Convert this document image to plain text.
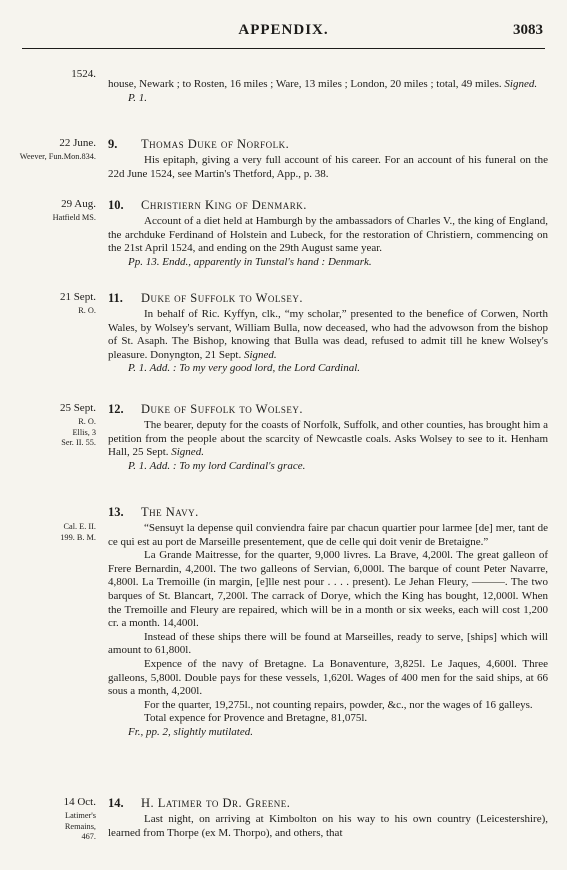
APPENDIX.	3083
1524.

house, Newark ; to Rosten, 16 miles ; Ware, 13 miles ; London, 20 miles ; total, 49 miles. Signed.

P. 1.

22 June.
Weever, Fun.Mon.834.
9. Thomas Duke of Norfolk.

His epitaph, giving a very full account of his career. For an account of his funeral on the 22d June 1524, see Martin's Thetford, App., p. 38.

29 Aug.
Hatfield MS.
10. Christiern King of Denmark.

Account of a diet held at Hamburgh by the ambassadors of Charles V., the king of England, the archduke Ferdinand of Holstein and Lubeck, for the restoration of Christiern, commencing on the 21st April 1524, and ending on the 29th August same year.

Pp. 13. Endd., apparently in Tunstal's hand : Denmark.

21 Sept.
R. O.
11. Duke of Suffolk to Wolsey.

In behalf of Ric. Kyffyn, clk., “my scholar,” presented to the benefice of Corwen, North Wales, by Wolsey's servant, William Bulla, now deceased, who had the advowson from the bishop of St. Asaph. The Bishop, knowing that Bulla was dead, refused to admit till he knew Wolsey's pleasure. Donyngton, 21 Sept. Signed.

P. 1. Add. : To my very good lord, the Lord Cardinal.

25 Sept.
R. O. Ellis, 3 Ser. II. 55.
12. Duke of Suffolk to Wolsey.

The bearer, deputy for the coasts of Norfolk, Suffolk, and other counties, has brought him a petition from the people about the scarcity of Newcastle coals. Asks Wolsey to see to it. Henham Hall, 25 Sept. Signed.

P. 1. Add. : To my lord Cardinal's grace.

Cal. E. II. 199. B. M.
13. The Navy.

“Sensuyt la depense quil conviendra faire par chacun quartier pour larmee [de] mer, tant de ce qui est au port de Marseille presentement, que de celle qui doit venir de Bretaigne.”

La Grande Maitresse, for the quarter, 9,000 livres. La Brave, 4,200l. The great galleon of Frere Bernardin, 4,200l. The two galleons of Servian, 6,000l. The barque of count Peter Navarre, 4,800l. La Tremoille (in margin, [e]lle nest pour . . . . present). Le Jehan Fleury, ———. The two barques of St. Blancart, 7,200l. The carrack of Dorye, which the King has bought, 12,000l. When the Tremoille and Fleury are repaired, which will be in a month or six weeks, each will cost 1,200 cr. a month. 14,400l.

Instead of these ships there will be found at Marseilles, ready to serve, [ships] which will amount to 61,800l.

Expence of the navy of Bretagne. La Bonaventure, 3,825l. Le Jaques, 4,600l. Three galleons, 5,800l. Double pays for these vessels, 1,620l. Wages of 400 men for the said ships, at 66 sous a month, 4,200l.

For the quarter, 19,275l., not counting repairs, powder, &c., nor the wages of 16 galleys.

Total expence for Provence and Bretagne, 81,075l.

Fr., pp. 2, slightly mutilated.

14 Oct.
Latimer's Remains, 467.
14. H. Latimer to Dr. Greene.

Last night, on arriving at Kimbolton on his way to his own country (Leicestershire), learned from Thorpe (ex M. Thorpo), and others, that
